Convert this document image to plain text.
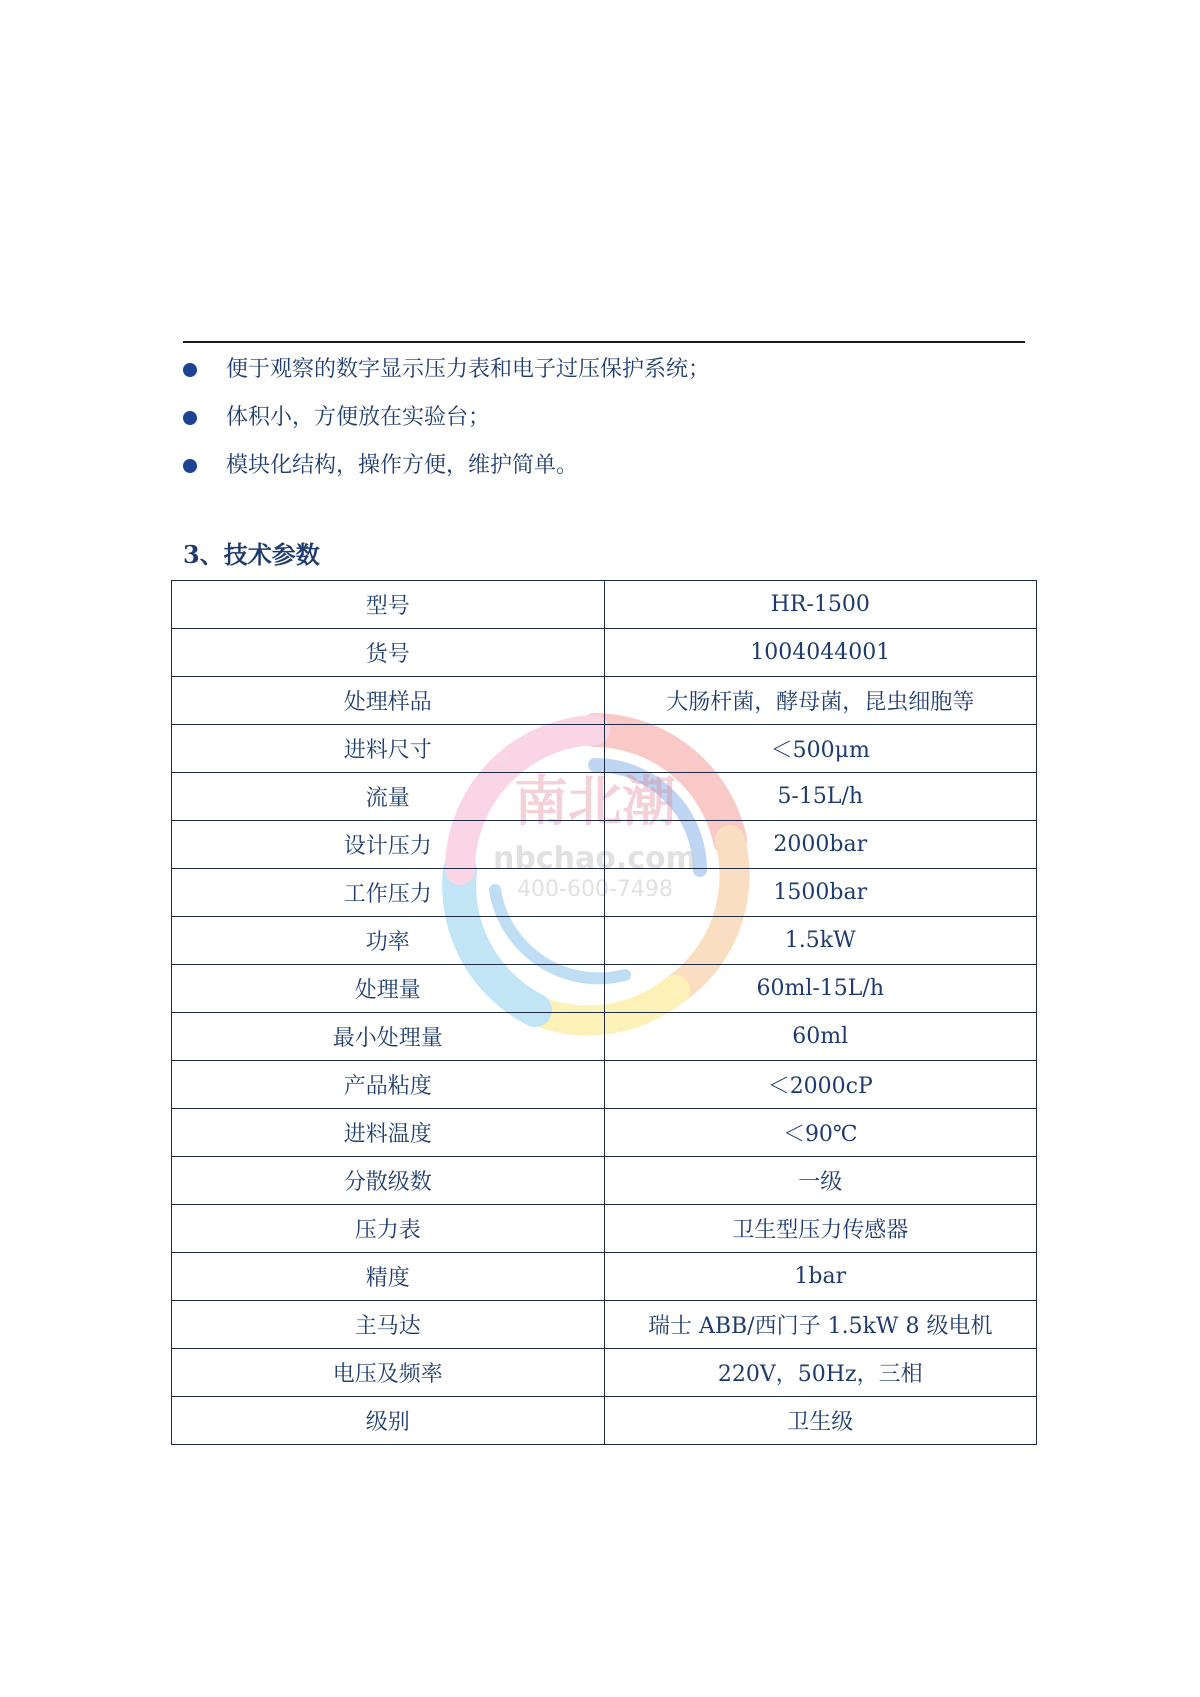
便于观察的数字显示压力表和电子过压保护系统；
体积小，方便放在实验台；
模块化结构，操作方便，维护简单。
3、技术参数
南北潮
nbchao.com
400-600-7498
型号	HR-1500
货号	1004044001
处理样品	大肠杆菌，酵母菌，昆虫细胞等
进料尺寸	＜500μm
流量	5-15L/h
设计压力	2000bar
工作压力	1500bar
功率	1.5kW
处理量	60ml-15L/h
最小处理量	60ml
产品粘度	＜2000cP
进料温度	＜90℃
分散级数	一级
压力表	卫生型压力传感器
精度	1bar
主马达	瑞士 ABB/西门子 1.5kW 8 级电机
电压及频率	220V，50Hz，三相
级别	卫生级
